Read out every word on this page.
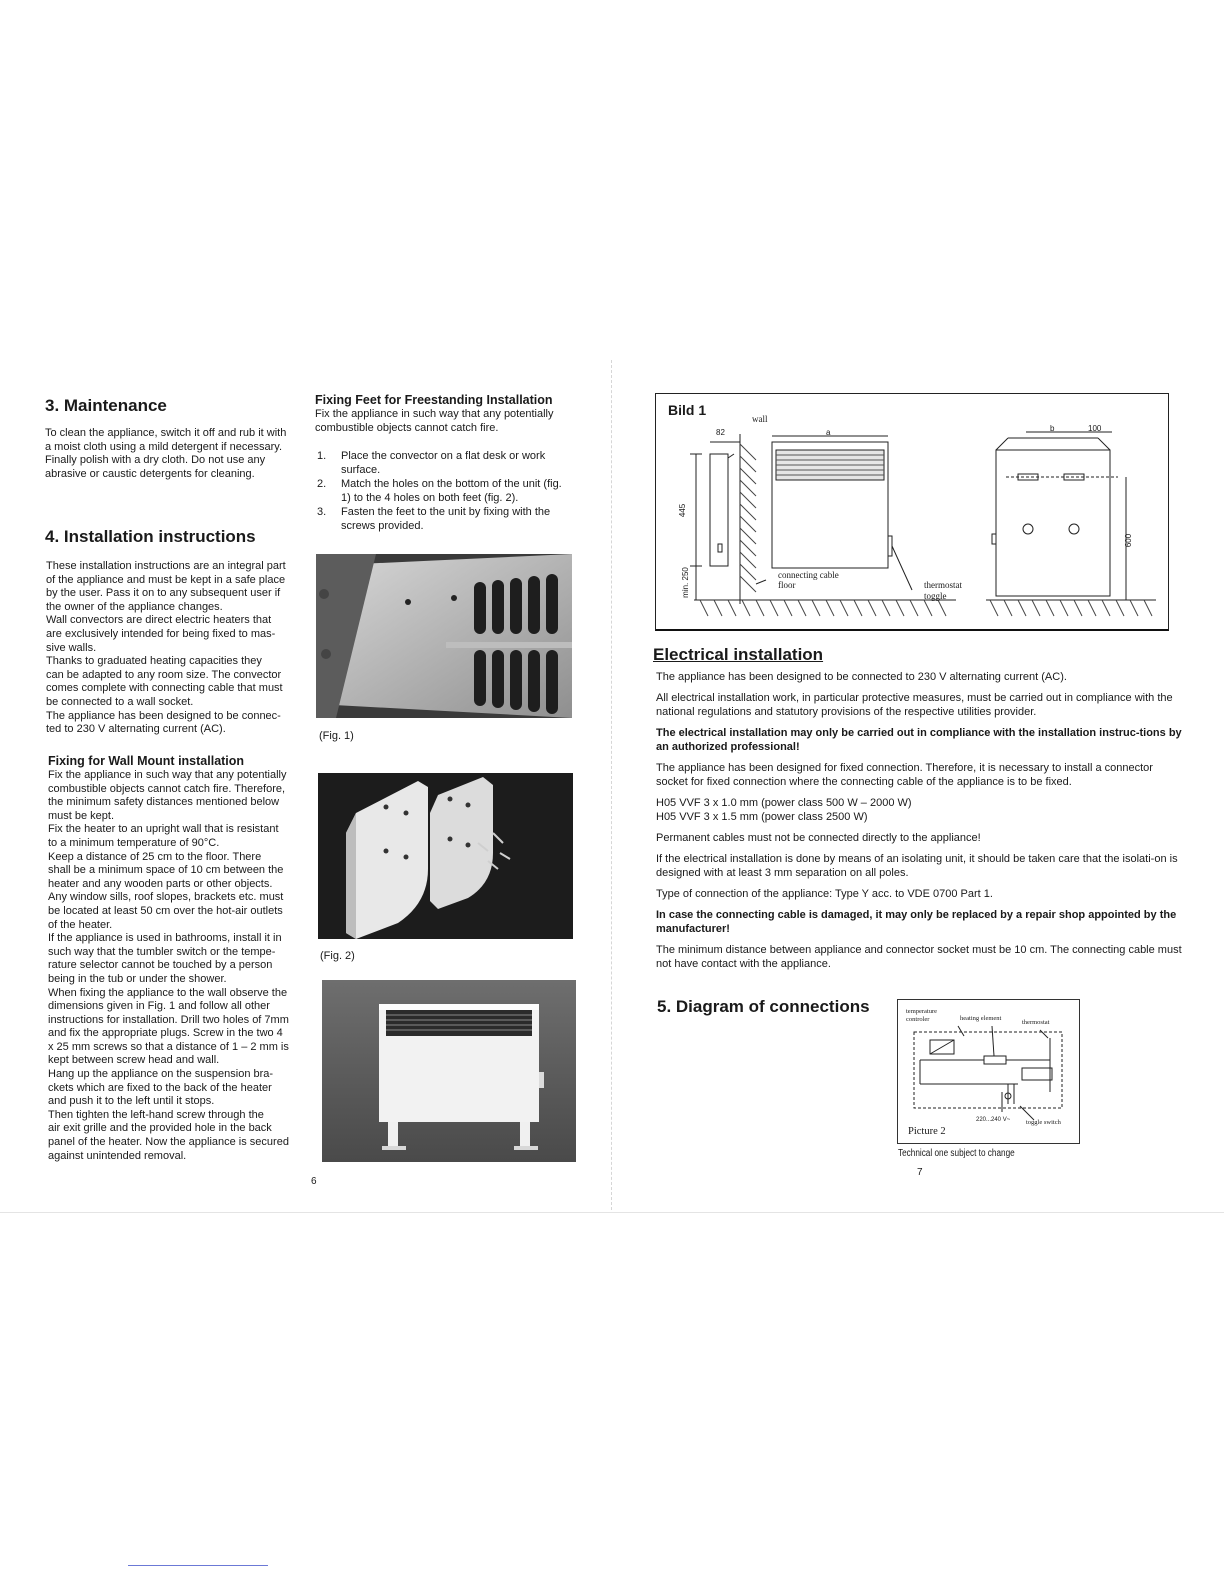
3. Maintenance

To clean the appliance, switch it off and rub it with
a moist cloth using a mild detergent if necessary.
Finally polish with a dry cloth. Do not use any
abrasive or caustic detergents for cleaning.

4. Installation instructions

These installation instructions are an integral part
of the appliance and must be kept in a safe place
by the user. Pass it on to any subsequent user if
the owner of the appliance changes.
Wall convectors are direct electric heaters that
are exclusively intended for being fixed to mas-
sive walls.
Thanks to graduated heating capacities they
can be adapted to any room size. The convector
comes complete with connecting cable that must
be connected to a wall socket.
The appliance has been designed to be connec-
ted to 230 V alternating current (AC).

Fixing for Wall Mount installation

Fix the appliance in such way that any potentially
combustible objects cannot catch fire. Therefore,
the minimum safety distances mentioned below
must be kept.
Fix the heater to an upright wall that is resistant
to a minimum temperature of 90°C.
Keep a distance of 25 cm to the floor. There
shall be a minimum space of 10 cm between the
heater and any wooden parts or other objects.
Any window sills, roof slopes, brackets etc. must
be located at least 50 cm over the hot-air outlets
of the heater.
If the appliance is used in bathrooms, install it in
such way that the tumbler switch or the tempe-
rature selector cannot be touched by a person
being in the tub or under the shower.
When fixing the appliance to the wall observe the
dimensions given in Fig. 1 and follow all other
instructions for installation. Drill two holes of 7mm
and fix the appropriate plugs. Screw in the two 4
x 25 mm screws so that a distance of 1 – 2 mm is
kept between screw head and wall.
Hang up the appliance on the suspension bra-
ckets which are fixed to the back of the heater
and push it to the left until it stops.
Then tighten the left-hand screw through the
air exit grille and the provided hole in the back
panel of the heater. Now the appliance is secured
against unintended removal.

Fixing Feet for Freestanding Installation

Fix the appliance in such way that any potentially
combustible objects cannot catch fire.

1. Place the convector on a flat desk or work surface.
2. Match the holes on the bottom of the unit (fig. 1) to the 4 holes on both feet (fig. 2).
3. Fasten the feet to the unit by fixing with the screws provided.
(Fig. 1)
(Fig. 2)
6
Bild 1
wall
82	a	b	100
445
min. 250
600
connecting cable
floor	thermostat
toggle
Electrical installation

The appliance has been designed to be connected to 230 V alternating current (AC).

All electrical installation work, in particular protective measures, must be carried out in compliance with the national regulations and statutory provisions of the respective utilities provider.

The electrical installation may only be carried out in compliance with the installation instruc-tions by an authorized professional!

The appliance has been designed for fixed connection. Therefore, it is necessary to install a connector socket for fixed connection where the connecting cable of the appliance is to be fixed.

H05 VVF 3 x 1.0 mm (power class 500 W – 2000 W)
H05 VVF 3 x 1.5 mm (power class 2500 W)

Permanent cables must not be connected directly to the appliance!

If the electrical installation is done by means of an isolating unit, it should be taken care that the isolati-on is designed with at least 3 mm separation on all poles.

Type of connection of the appliance: Type Y acc. to VDE 0700 Part 1.

In case the connecting cable is damaged, it may only be replaced by a repair shop appointed by the manufacturer!

The minimum distance between appliance and connector socket must be 10 cm. The connecting cable must not have contact with the appliance.

5. Diagram of connections	temperature
controler	heating element
thermostat
220...240 V~ toggle switch
Picture 2
Technical one subject to change
7
